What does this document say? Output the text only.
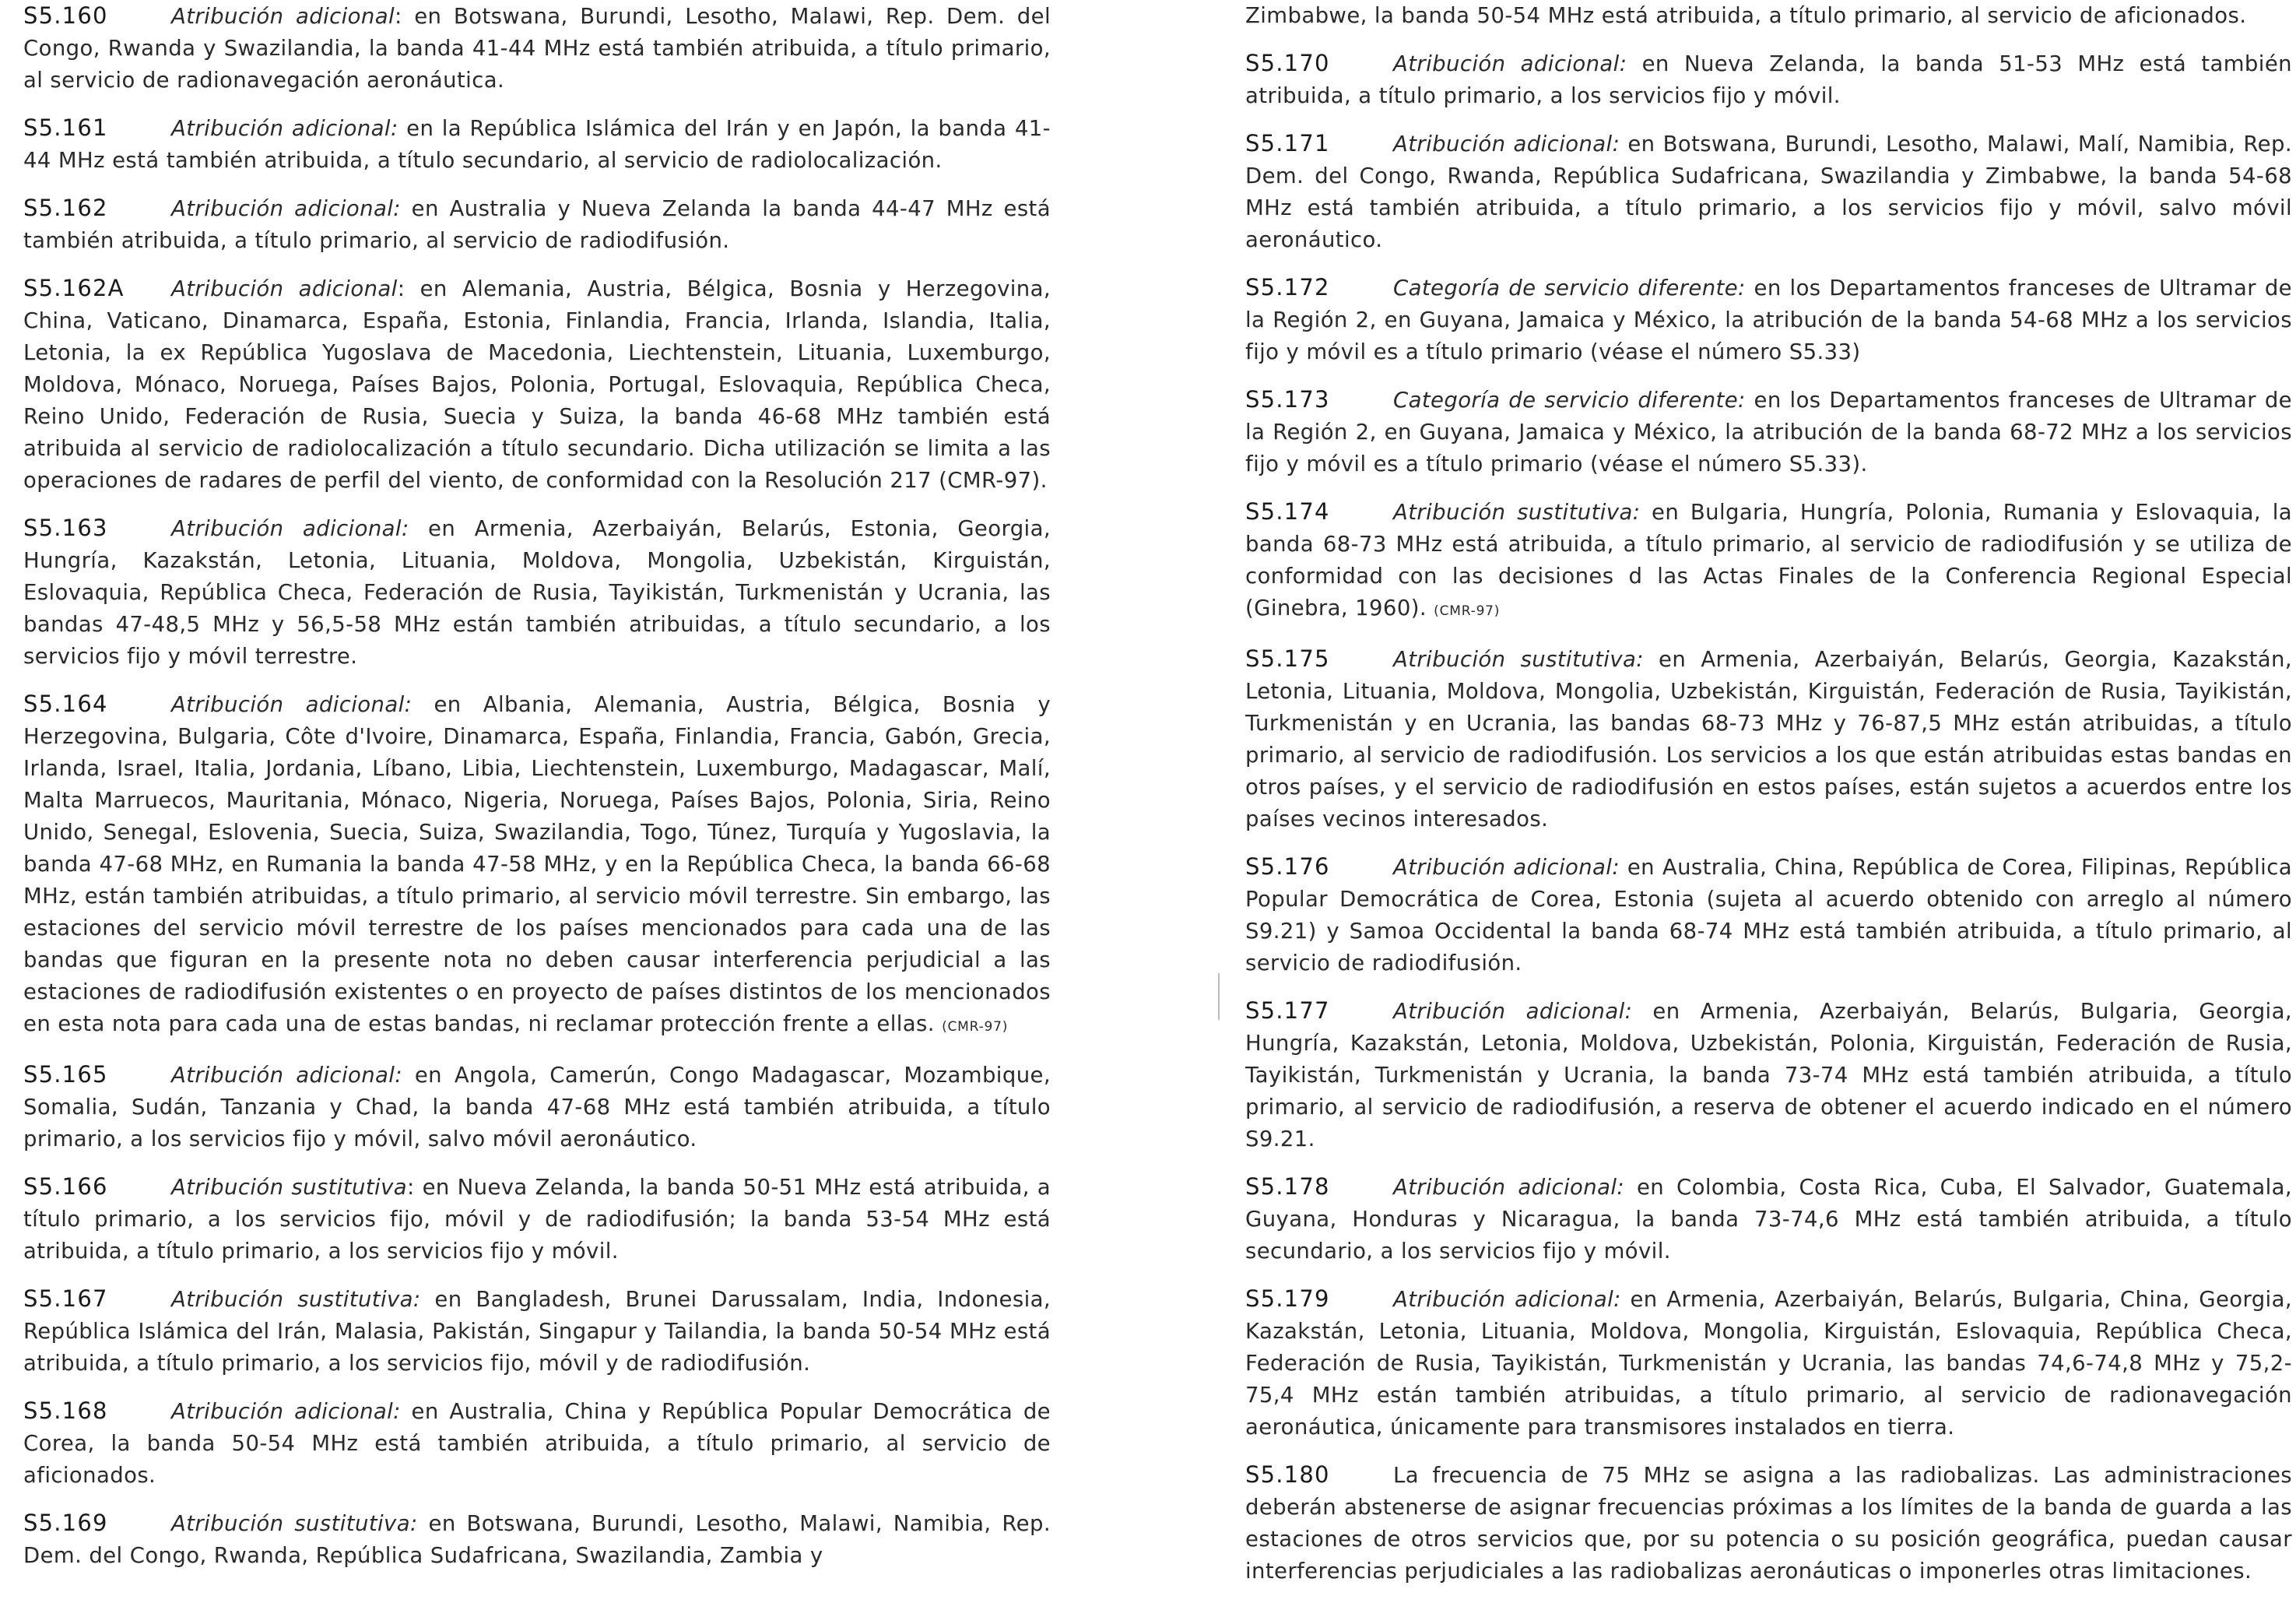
S5.160	Atribución adicional: en Botswana, Burundi, Lesotho, Malawi, Rep. Dem. del Congo, Rwanda y Swazilandia, la banda 41-44 MHz está también atribuida, a título primario, al servicio de radionavegación aeronáutica.

S5.161	Atribución adicional: en la República Islámica del Irán y en Japón, la banda 41-44 MHz está también atribuida, a título secundario, al servicio de radiolocalización.

S5.162	Atribución adicional: en Australia y Nueva Zelanda la banda 44-47 MHz está también atribuida, a título primario, al servicio de radiodifusión.

S5.162A Atribución adicional: en Alemania, Austria, Bélgica, Bosnia y Herzegovina, China, Vaticano, Dinamarca, España, Estonia, Finlandia, Francia, Irlanda, Islandia, Italia, Letonia, la ex República Yugoslava de Macedonia, Liechtenstein, Lituania, Luxemburgo, Moldova, Mónaco, Noruega, Países Bajos, Polonia, Portugal, Eslovaquia, República Checa, Reino Unido, Federación de Rusia, Suecia y Suiza, la banda 46-68 MHz también está atribuida al servicio de radiolocalización a título secundario. Dicha utilización se limita a las operaciones de radares de perfil del viento, de conformidad con la Resolución 217 (CMR-97).

S5.163	Atribución adicional: en Armenia, Azerbaiyán, Belarús, Estonia, Georgia, Hungría, Kazakstán, Letonia, Lituania, Moldova, Mongolia, Uzbekistán, Kirguistán, Eslovaquia, República Checa, Federación de Rusia, Tayikistán, Turkmenistán y Ucrania, las bandas 47-48,5 MHz y 56,5-58 MHz están también atribuidas, a título secundario, a los servicios fijo y móvil terrestre.

S5.164	Atribución adicional: en Albania, Alemania, Austria, Bélgica, Bosnia y Herzegovina, Bulgaria, Côte d'Ivoire, Dinamarca, España, Finlandia, Francia, Gabón, Grecia, Irlanda, Israel, Italia, Jordania, Líbano, Libia, Liechtenstein, Luxemburgo, Madagascar, Malí, Malta Marruecos, Mauritania, Mónaco, Nigeria, Noruega, Países Bajos, Polonia, Siria, Reino Unido, Senegal, Eslovenia, Suecia, Suiza, Swazilandia, Togo, Túnez, Turquía y Yugoslavia, la banda 47-68 MHz, en Rumania la banda 47-58 MHz, y en la República Checa, la banda 66-68 MHz, están también atribuidas, a título primario, al servicio móvil terrestre. Sin embargo, las estaciones del servicio móvil terrestre de los países mencionados para cada una de las bandas que figuran en la presente nota no deben causar interferencia perjudicial a las estaciones de radiodifusión existentes o en proyecto de países distintos de los mencionados en esta nota para cada una de estas bandas, ni reclamar protección frente a ellas. (CMR-97)

S5.165	Atribución adicional: en Angola, Camerún, Congo Madagascar, Mozambique, Somalia, Sudán, Tanzania y Chad, la banda 47-68 MHz está también atribuida, a título primario, a los servicios fijo y móvil, salvo móvil aeronáutico.

S5.166	Atribución sustitutiva: en Nueva Zelanda, la banda 50-51 MHz está atribuida, a título primario, a los servicios fijo, móvil y de radiodifusión; la banda 53-54 MHz está atribuida, a título primario, a los servicios fijo y móvil.

S5.167	Atribución sustitutiva: en Bangladesh, Brunei Darussalam, India, Indonesia, República Islámica del Irán, Malasia, Pakistán, Singapur y Tailandia, la banda 50-54 MHz está atribuida, a título primario, a los servicios fijo, móvil y de radiodifusión.

S5.168	Atribución adicional: en Australia, China y República Popular Democrática de Corea, la banda 50-54 MHz está también atribuida, a título primario, al servicio de aficionados.

S5.169	Atribución sustitutiva: en Botswana, Burundi, Lesotho, Malawi, Namibia, Rep. Dem. del Congo, Rwanda, República Sudafricana, Swazilandia, Zambia y

Zimbabwe, la banda 50-54 MHz está atribuida, a título primario, al servicio de aficionados.

S5.170	Atribución adicional: en Nueva Zelanda, la banda 51-53 MHz está también atribuida, a título primario, a los servicios fijo y móvil.

S5.171	Atribución adicional: en Botswana, Burundi, Lesotho, Malawi, Malí, Namibia, Rep. Dem. del Congo, Rwanda, República Sudafricana, Swazilandia y Zimbabwe, la banda 54-68 MHz está también atribuida, a título primario, a los servicios fijo y móvil, salvo móvil aeronáutico.

S5.172	Categoría de servicio diferente: en los Departamentos franceses de Ultramar de la Región 2, en Guyana, Jamaica y México, la atribución de la banda 54-68 MHz a los servicios fijo y móvil es a título primario (véase el número S5.33)

S5.173	Categoría de servicio diferente: en los Departamentos franceses de Ultramar de la Región 2, en Guyana, Jamaica y México, la atribución de la banda 68-72 MHz a los servicios fijo y móvil es a título primario (véase el número S5.33).

S5.174	Atribución sustitutiva: en Bulgaria, Hungría, Polonia, Rumania y Eslovaquia, la banda 68-73 MHz está atribuida, a título primario, al servicio de radiodifusión y se utiliza de conformidad con las decisiones d las Actas Finales de la Conferencia Regional Especial (Ginebra, 1960). (CMR-97)

S5.175	Atribución sustitutiva: en Armenia, Azerbaiyán, Belarús, Georgia, Kazakstán, Letonia, Lituania, Moldova, Mongolia, Uzbekistán, Kirguistán, Federación de Rusia, Tayikistán, Turkmenistán y en Ucrania, las bandas 68-73 MHz y 76-87,5 MHz están atribuidas, a título primario, al servicio de radiodifusión. Los servicios a los que están atribuidas estas bandas en otros países, y el servicio de radiodifusión en estos países, están sujetos a acuerdos entre los países vecinos interesados.

S5.176	Atribución adicional: en Australia, China, República de Corea, Filipinas, República Popular Democrática de Corea, Estonia (sujeta al acuerdo obtenido con arreglo al número S9.21) y Samoa Occidental la banda 68-74 MHz está también atribuida, a título primario, al servicio de radiodifusión.

S5.177	Atribución adicional: en Armenia, Azerbaiyán, Belarús, Bulgaria, Georgia, Hungría, Kazakstán, Letonia, Moldova, Uzbekistán, Polonia, Kirguistán, Federación de Rusia, Tayikistán, Turkmenistán y Ucrania, la banda 73-74 MHz está también atribuida, a título primario, al servicio de radiodifusión, a reserva de obtener el acuerdo indicado en el número S9.21.

S5.178	Atribución adicional: en Colombia, Costa Rica, Cuba, El Salvador, Guatemala, Guyana, Honduras y Nicaragua, la banda 73-74,6 MHz está también atribuida, a título secundario, a los servicios fijo y móvil.

S5.179	Atribución adicional: en Armenia, Azerbaiyán, Belarús, Bulgaria, China, Georgia, Kazakstán, Letonia, Lituania, Moldova, Mongolia, Kirguistán, Eslovaquia, República Checa, Federación de Rusia, Tayikistán, Turkmenistán y Ucrania, las bandas 74,6-74,8 MHz y 75,2-75,4 MHz están también atribuidas, a título primario, al servicio de radionavegación aeronáutica, únicamente para transmisores instalados en tierra.

S5.180	La frecuencia de 75 MHz se asigna a las radiobalizas. Las administraciones deberán abstenerse de asignar frecuencias próximas a los límites de la banda de guarda a las estaciones de otros servicios que, por su potencia o su posición geográfica, puedan causar interferencias perjudiciales a las radiobalizas aeronáuticas o imponerles otras limitaciones.
